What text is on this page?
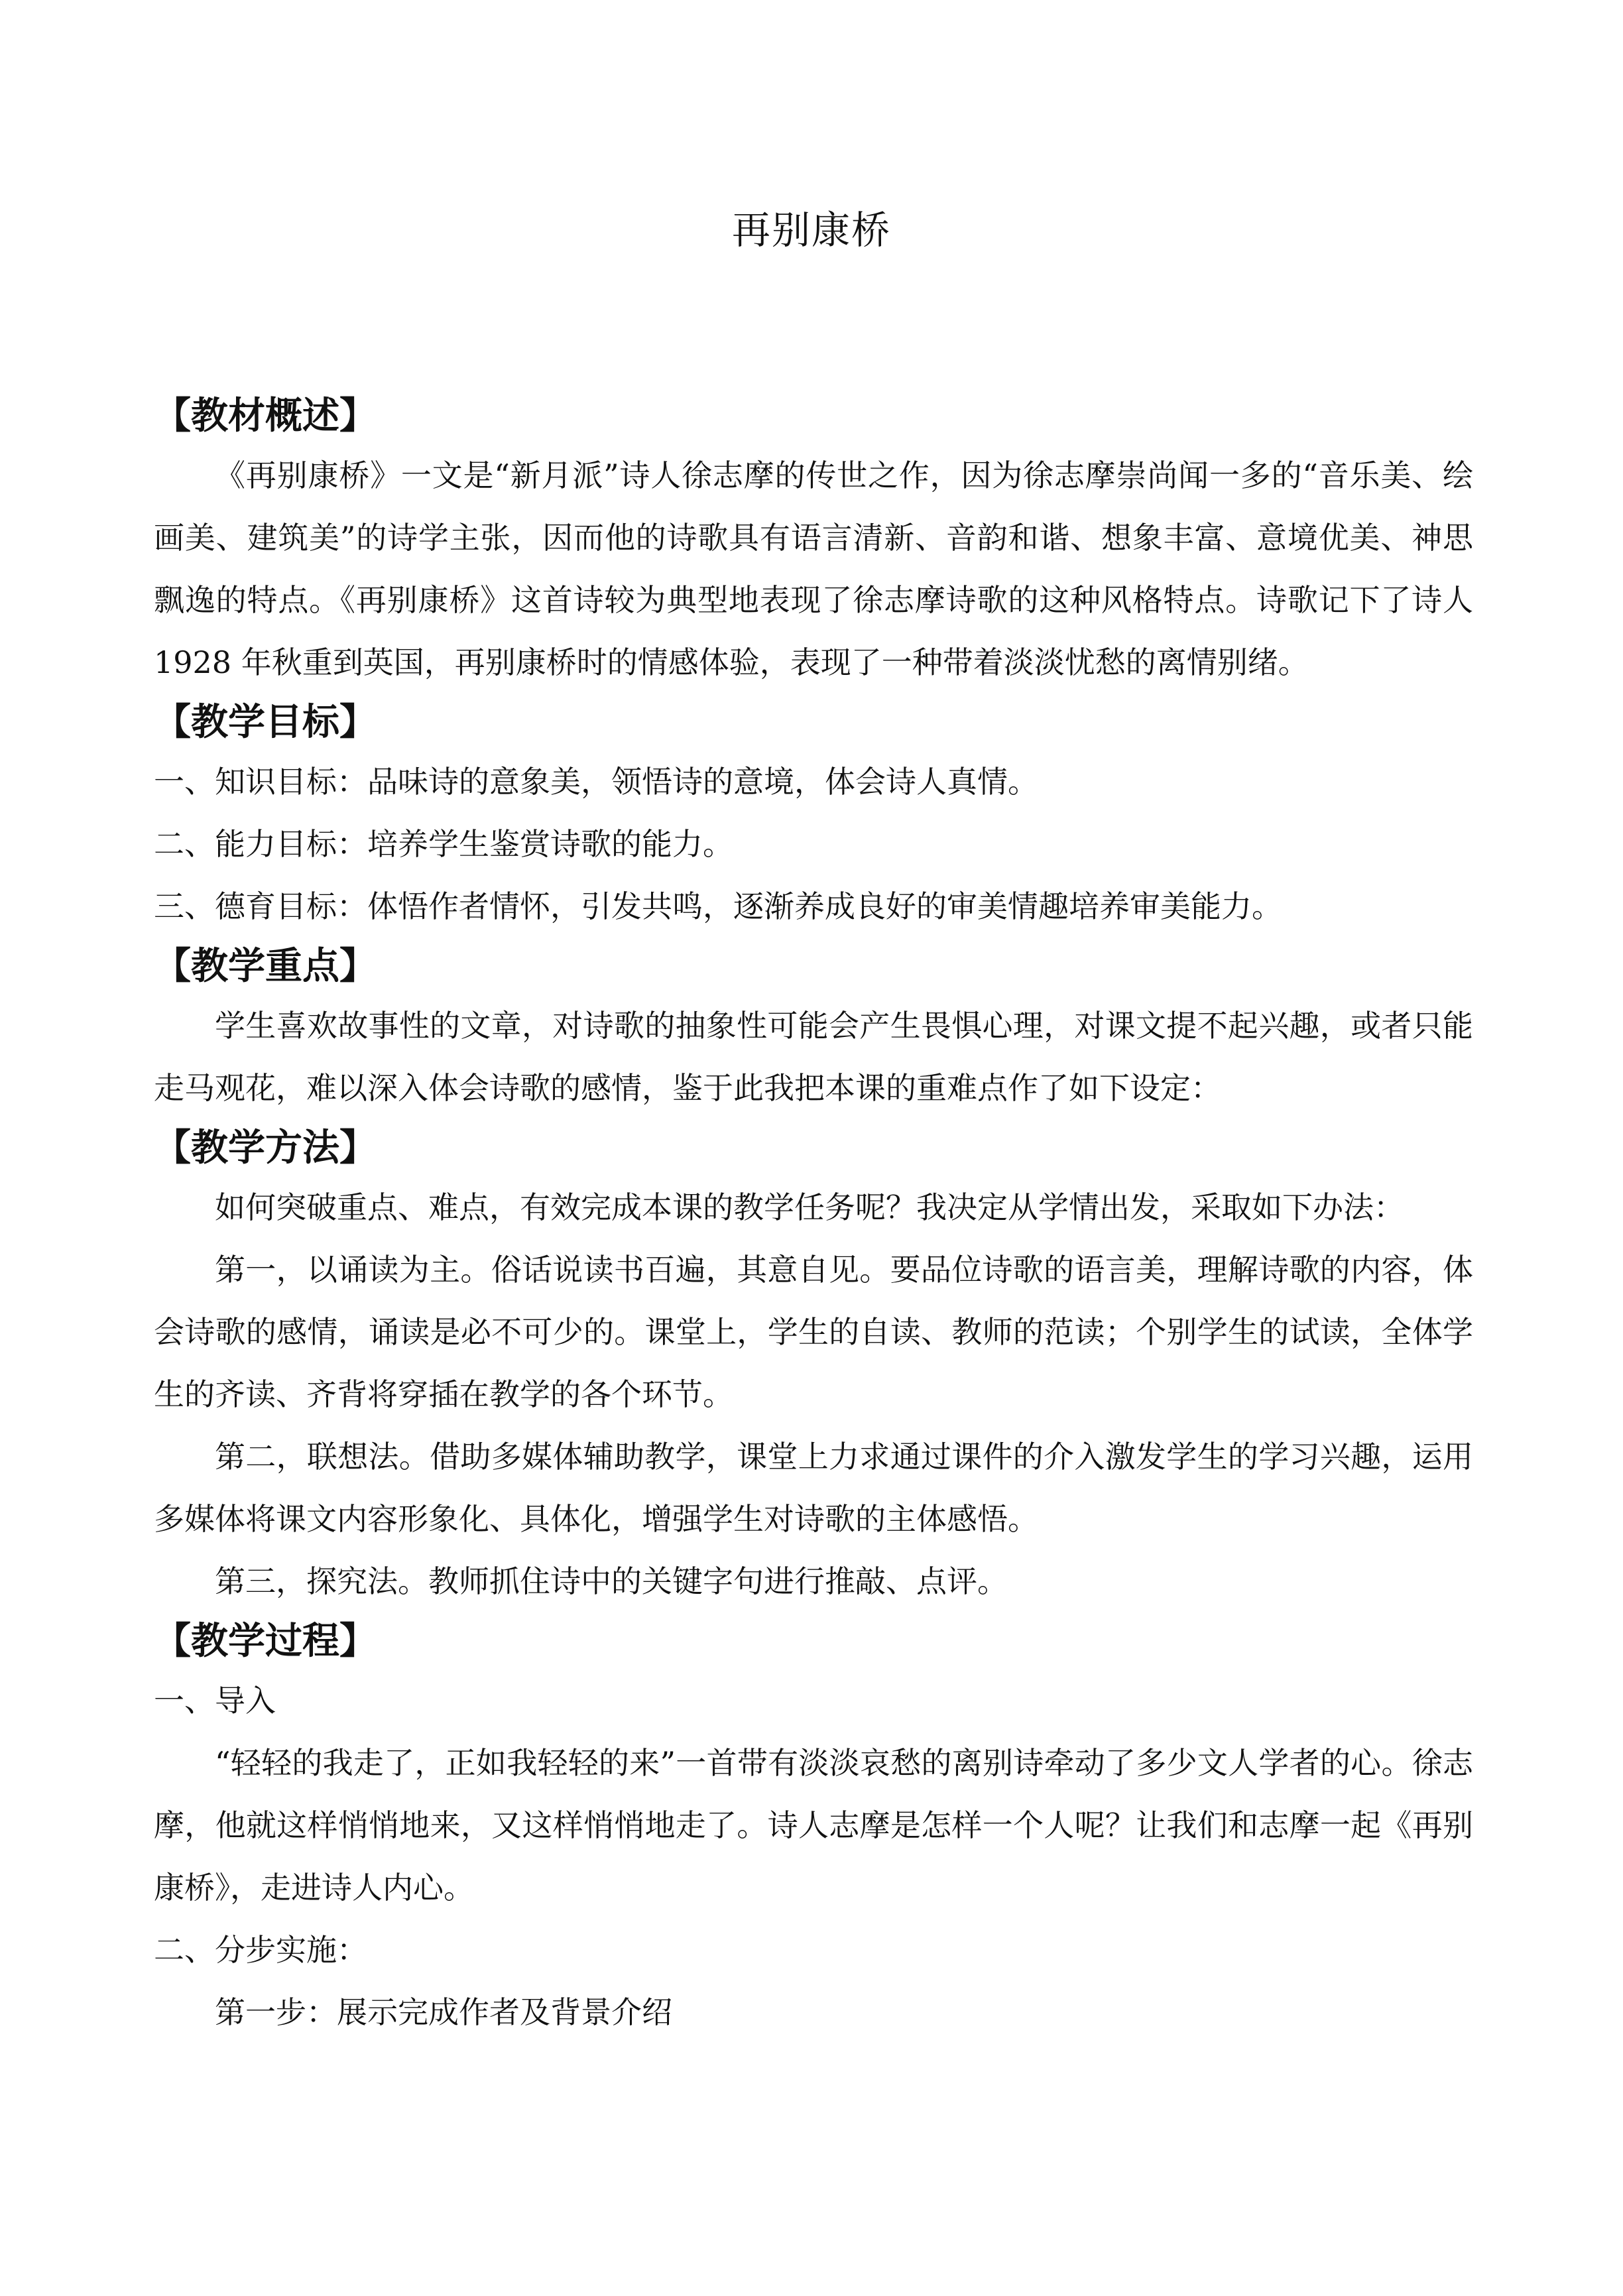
再别康桥
【教材概述】

《再别康桥》一文是“新月派”诗人徐志摩的传世之作，因为徐志摩崇尚闻一多的“音乐美、绘画美、建筑美”的诗学主张，因而他的诗歌具有语言清新、音韵和谐、想象丰富、意境优美、神思飘逸的特点。《再别康桥》这首诗较为典型地表现了徐志摩诗歌的这种风格特点。诗歌记下了诗人 1928 年秋重到英国，再别康桥时的情感体验，表现了一种带着淡淡忧愁的离情别绪。

【教学目标】

一、知识目标：品味诗的意象美，领悟诗的意境，体会诗人真情。

二、能力目标：培养学生鉴赏诗歌的能力。

三、德育目标：体悟作者情怀，引发共鸣，逐渐养成良好的审美情趣培养审美能力。

【教学重点】

学生喜欢故事性的文章，对诗歌的抽象性可能会产生畏惧心理，对课文提不起兴趣，或者只能走马观花，难以深入体会诗歌的感情，鉴于此我把本课的重难点作了如下设定：

【教学方法】

如何突破重点、难点，有效完成本课的教学任务呢？我决定从学情出发，采取如下办法：

第一，以诵读为主。俗话说读书百遍，其意自见。要品位诗歌的语言美，理解诗歌的内容，体会诗歌的感情，诵读是必不可少的。课堂上，学生的自读、教师的范读；个别学生的试读，全体学生的齐读、齐背将穿插在教学的各个环节。

第二，联想法。借助多媒体辅助教学，课堂上力求通过课件的介入激发学生的学习兴趣，运用多媒体将课文内容形象化、具体化，增强学生对诗歌的主体感悟。

第三，探究法。教师抓住诗中的关键字句进行推敲、点评。

【教学过程】

一、导入

“轻轻的我走了，正如我轻轻的来”一首带有淡淡哀愁的离别诗牵动了多少文人学者的心。徐志摩，他就这样悄悄地来，又这样悄悄地走了。诗人志摩是怎样一个人呢？让我们和志摩一起《再别康桥》，走进诗人内心。

二、分步实施：

第一步：展示完成作者及背景介绍
